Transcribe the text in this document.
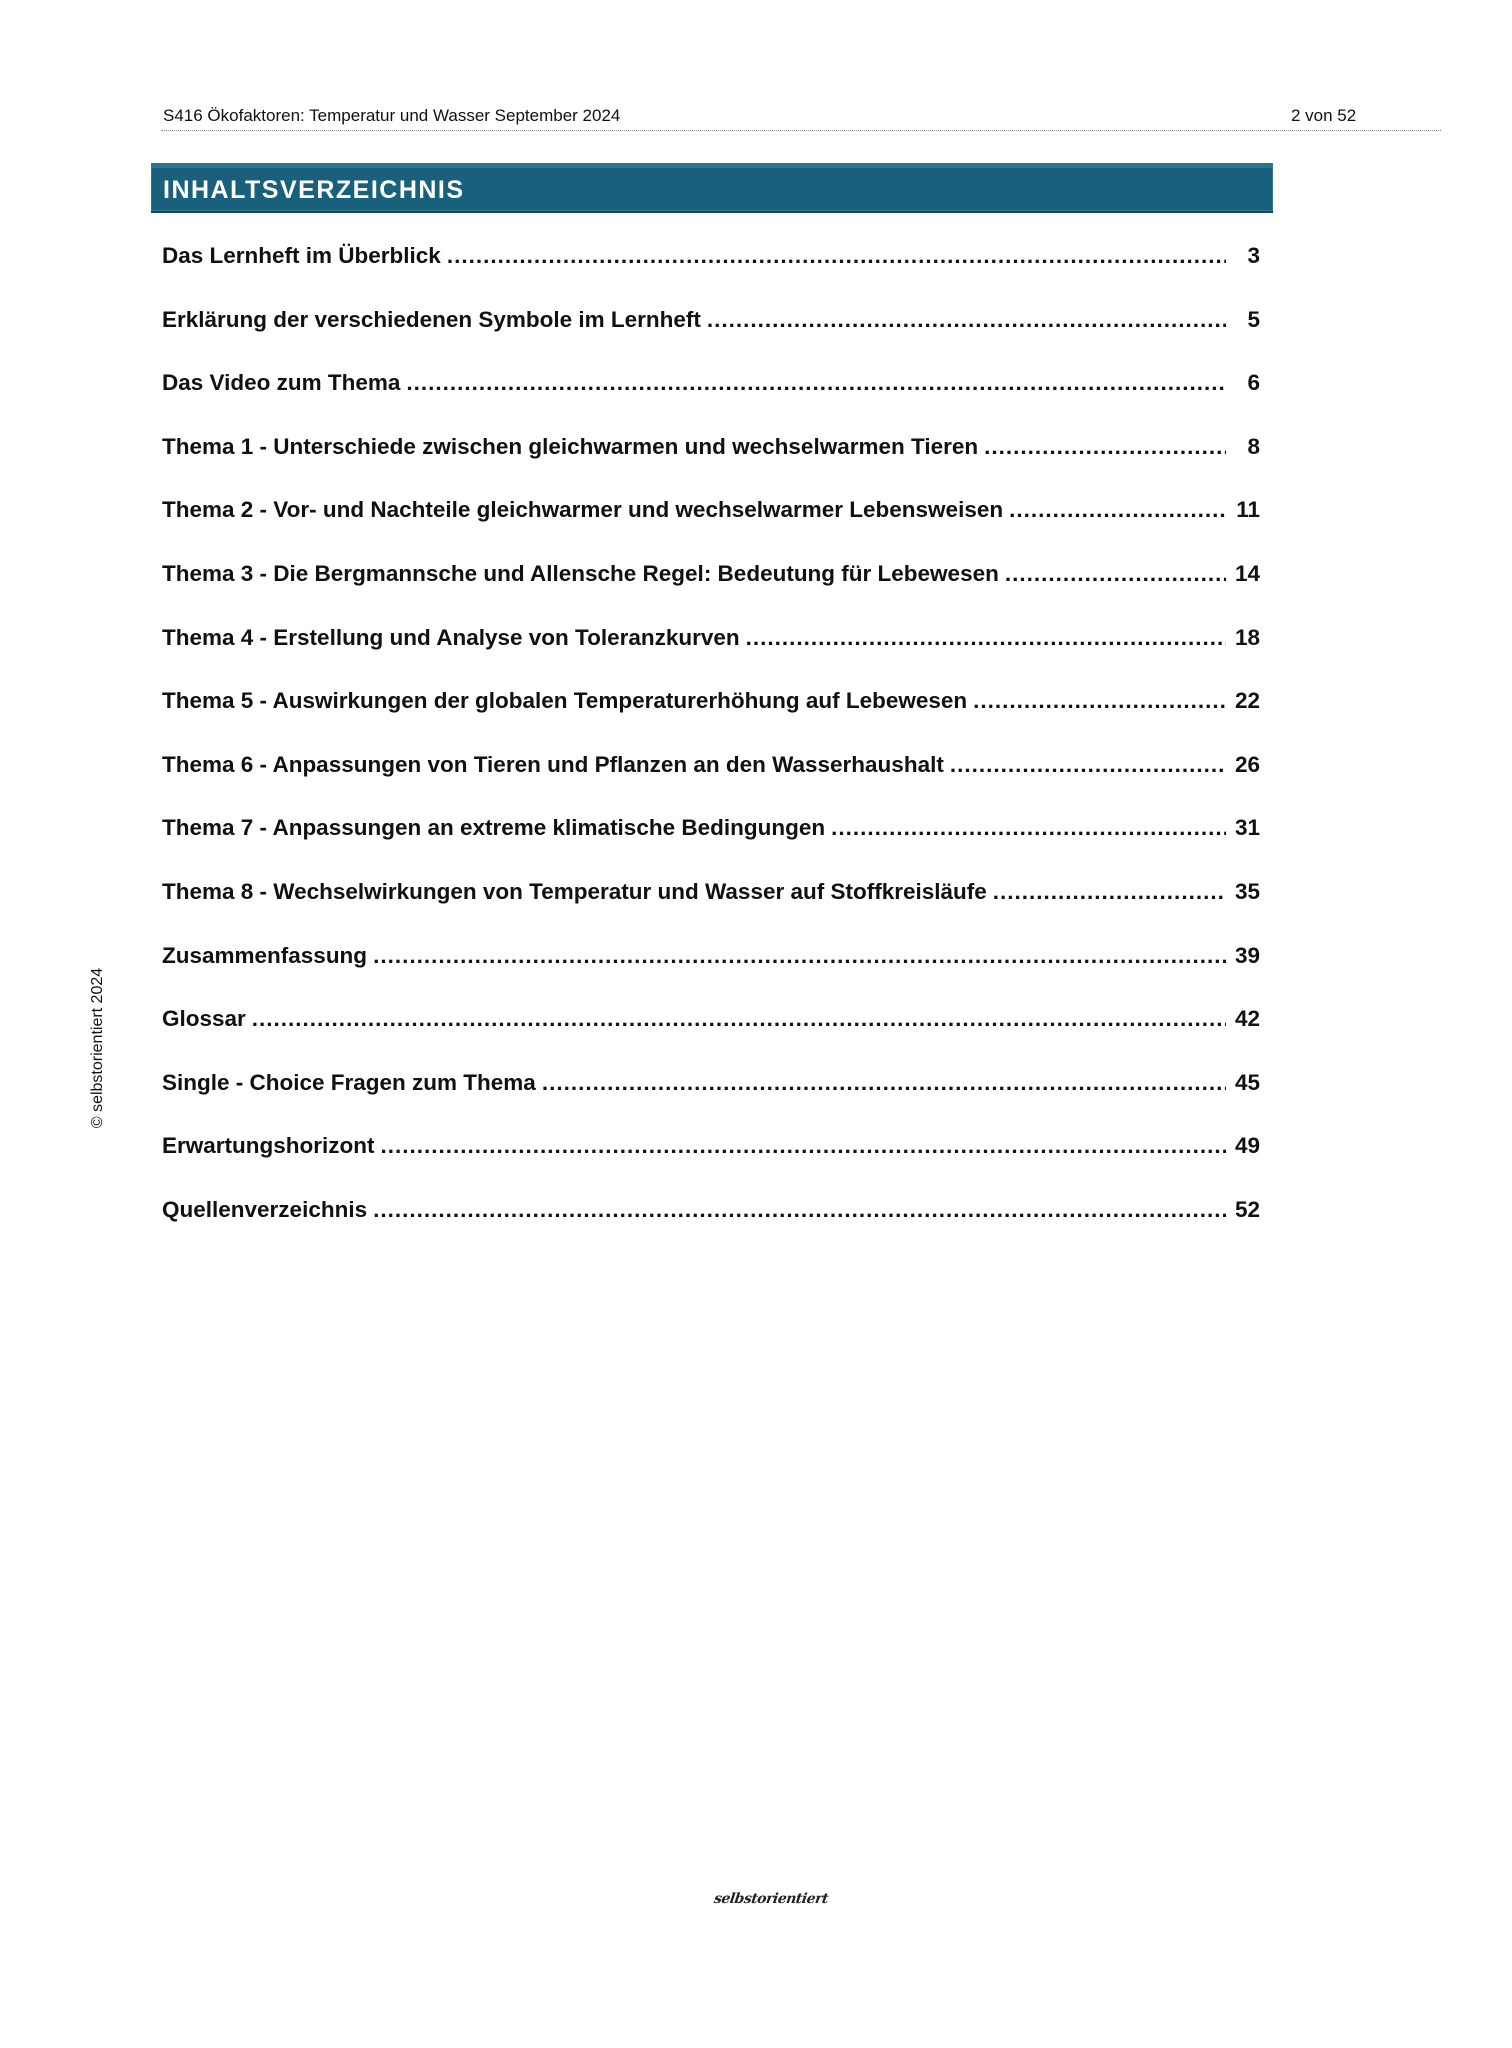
S416 Ökofaktoren: Temperatur und Wasser September 2024	2 von 52
INHALTSVERZEICHNIS
Das Lernheft im Überblick .....	3
Erklärung der verschiedenen Symbole im Lernheft .....	5
Das Video zum Thema .....	6
Thema 1 - Unterschiede zwischen gleichwarmen und wechselwarmen Tieren .....	8
Thema 2 - Vor- und Nachteile gleichwarmer und wechselwarmer Lebensweisen .....	11
Thema 3 - Die Bergmannsche und Allensche Regel: Bedeutung für Lebewesen .....	14
Thema 4 - Erstellung und Analyse von Toleranzkurven .....	18
Thema 5 - Auswirkungen der globalen Temperaturerhöhung auf Lebewesen .....	22
Thema 6 - Anpassungen von Tieren und Pflanzen an den Wasserhaushalt .....	26
Thema 7 - Anpassungen an extreme klimatische Bedingungen .....	31
Thema 8 - Wechselwirkungen von Temperatur und Wasser auf Stoffkreisläufe .....	35
Zusammenfassung .....	39
Glossar .....	42
Single - Choice Fragen zum Thema .....	45
Erwartungshorizont .....	49
Quellenverzeichnis .....	52
© selbstorientiert 2024
selbstorientiert
